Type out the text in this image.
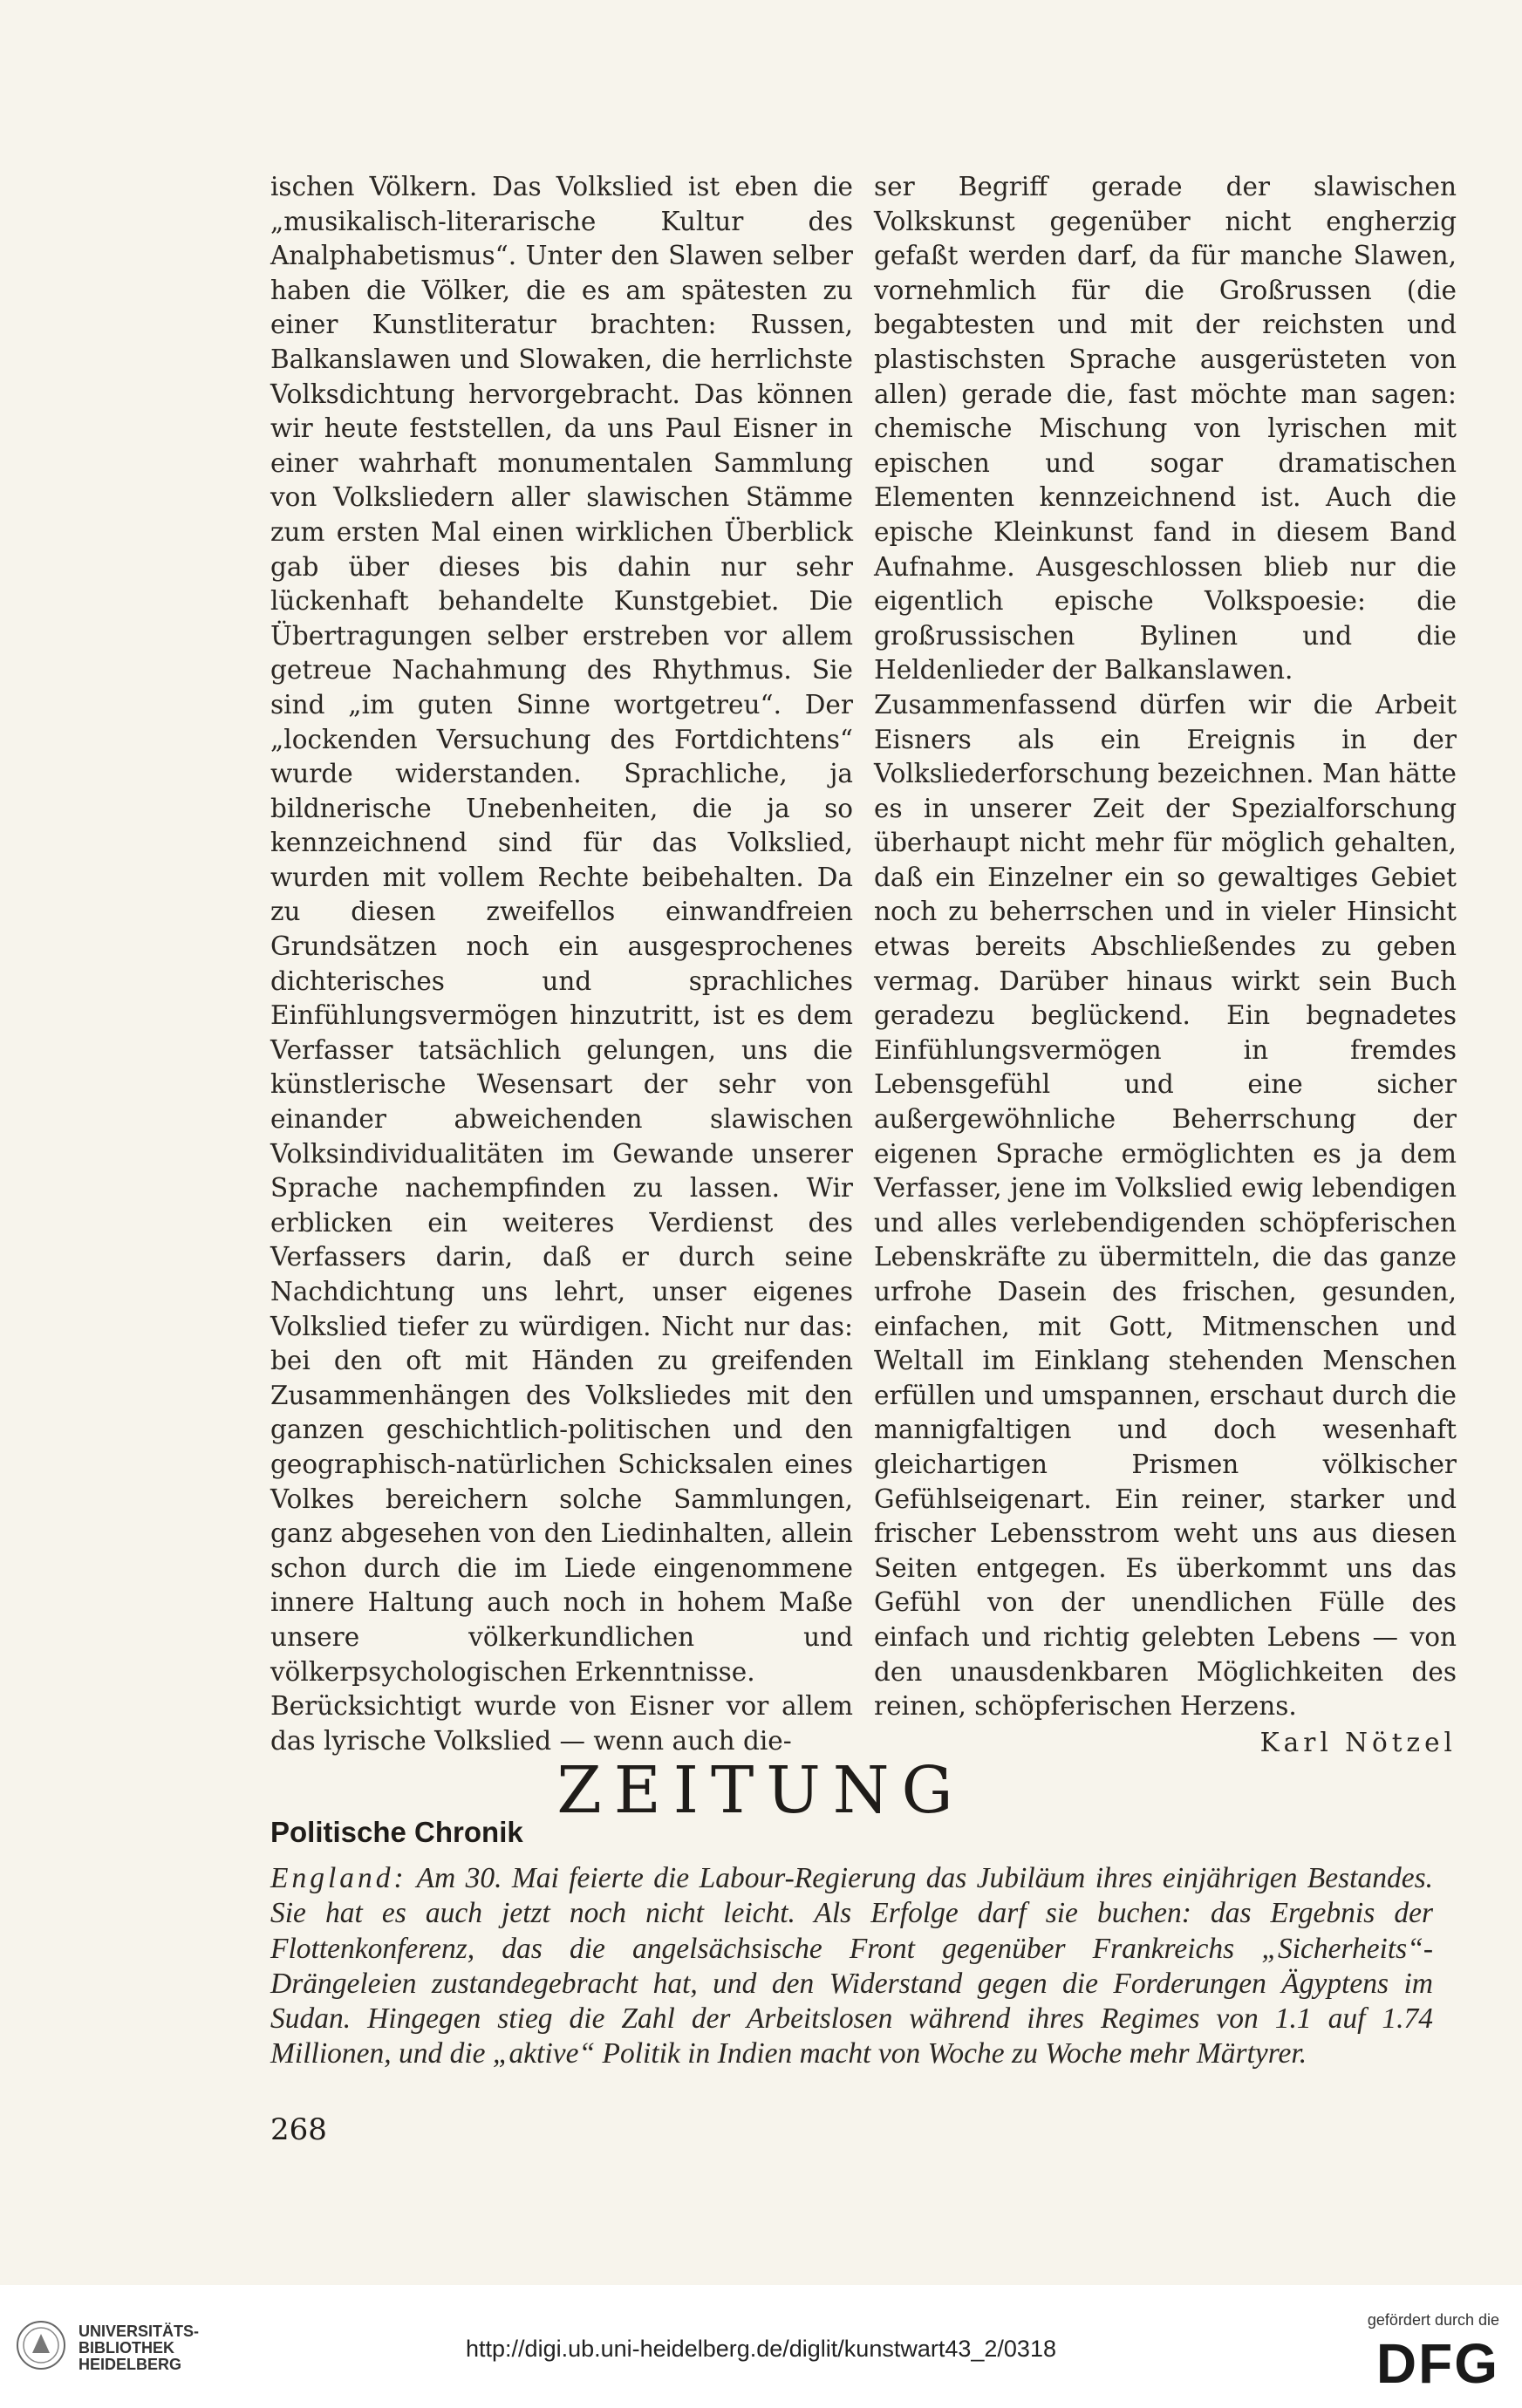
ischen Völkern. Das Volkslied ist eben die „musikalisch-literarische Kultur des Analphabetismus“. Unter den Slawen selber haben die Völker, die es am spätesten zu einer Kunstliteratur brachten: Russen, Balkanslawen und Slowaken, die herrlichste Volksdichtung hervorgebracht. Das können wir heute feststellen, da uns Paul Eisner in einer wahrhaft monumentalen Sammlung von Volksliedern aller slawischen Stämme zum ersten Mal einen wirklichen Überblick gab über dieses bis dahin nur sehr lückenhaft behandelte Kunstgebiet. Die Übertragungen selber erstreben vor allem getreue Nachahmung des Rhythmus. Sie sind „im guten Sinne wortgetreu“. Der „lockenden Versuchung des Fortdichtens“ wurde widerstanden. Sprachliche, ja bildnerische Unebenheiten, die ja so kennzeichnend sind für das Volkslied, wurden mit vollem Rechte beibehalten. Da zu diesen zweifellos einwandfreien Grundsätzen noch ein ausgesprochenes dichterisches und sprachliches Einfühlungsvermögen hinzutritt, ist es dem Verfasser tatsächlich gelungen, uns die künstlerische Wesensart der sehr von einander abweichenden slawischen Volksindividualitäten im Gewande unserer Sprache nachempfinden zu lassen. Wir erblicken ein weiteres Verdienst des Verfassers darin, daß er durch seine Nachdichtung uns lehrt, unser eigenes Volkslied tiefer zu würdigen. Nicht nur das: bei den oft mit Händen zu greifenden Zusammenhängen des Volksliedes mit den ganzen geschichtlich-politischen und den geographisch-natürlichen Schicksalen eines Volkes bereichern solche Sammlungen, ganz abgesehen von den Liedinhalten, allein schon durch die im Liede eingenommene innere Haltung auch noch in hohem Maße unsere völkerkundlichen und völkerpsychologischen Erkenntnisse.

Berücksichtigt wurde von Eisner vor allem das lyrische Volkslied — wenn auch die-

ser Begriff gerade der slawischen Volkskunst gegenüber nicht engherzig gefaßt werden darf, da für manche Slawen, vornehmlich für die Großrussen (die begabtesten und mit der reichsten und plastischsten Sprache ausgerüsteten von allen) gerade die, fast möchte man sagen: chemische Mischung von lyrischen mit epischen und sogar dramatischen Elementen kennzeichnend ist. Auch die epische Kleinkunst fand in diesem Band Aufnahme. Ausgeschlossen blieb nur die eigentlich epische Volkspoesie: die großrussischen Bylinen und die Heldenlieder der Balkanslawen.

Zusammenfassend dürfen wir die Arbeit Eisners als ein Ereignis in der Volksliederforschung bezeichnen. Man hätte es in unserer Zeit der Spezialforschung überhaupt nicht mehr für möglich gehalten, daß ein Einzelner ein so gewaltiges Gebiet noch zu beherrschen und in vieler Hinsicht etwas bereits Abschließendes zu geben vermag. Darüber hinaus wirkt sein Buch geradezu beglückend. Ein begnadetes Einfühlungsvermögen in fremdes Lebensgefühl und eine sicher außergewöhnliche Beherrschung der eigenen Sprache ermöglichten es ja dem Verfasser, jene im Volkslied ewig lebendigen und alles verlebendigenden schöpferischen Lebenskräfte zu übermitteln, die das ganze urfrohe Dasein des frischen, gesunden, einfachen, mit Gott, Mitmenschen und Weltall im Einklang stehenden Menschen erfüllen und umspannen, erschaut durch die mannigfaltigen und doch wesenhaft gleichartigen Prismen völkischer Gefühlseigenart. Ein reiner, starker und frischer Lebensstrom weht uns aus diesen Seiten entgegen. Es überkommt uns das Gefühl von der unendlichen Fülle des einfach und richtig gelebten Lebens — von den unausdenkbaren Möglichkeiten des reinen, schöpferischen Herzens.

Karl Nötzel

ZEITUNG
Politische Chronik

England: Am 30. Mai feierte die Labour-Regierung das Jubiläum ihres einjährigen Bestandes. Sie hat es auch jetzt noch nicht leicht. Als Erfolge darf sie buchen: das Ergebnis der Flottenkonferenz, das die angelsächsische Front gegenüber Frankreichs „Sicherheits“-Drängeleien zustandegebracht hat, und den Widerstand gegen die Forderungen Ägyptens im Sudan. Hingegen stieg die Zahl der Arbeitslosen während ihres Regimes von 1.1 auf 1.74 Millionen, und die „aktive“ Politik in Indien macht von Woche zu Woche mehr Märtyrer.

268
UNIVERSITÄTS-
BIBLIOTHEK
HEIDELBERG
http://digi.ub.uni-heidelberg.de/diglit/kunstwart43_2/0318
gefördert durch die
DFG
